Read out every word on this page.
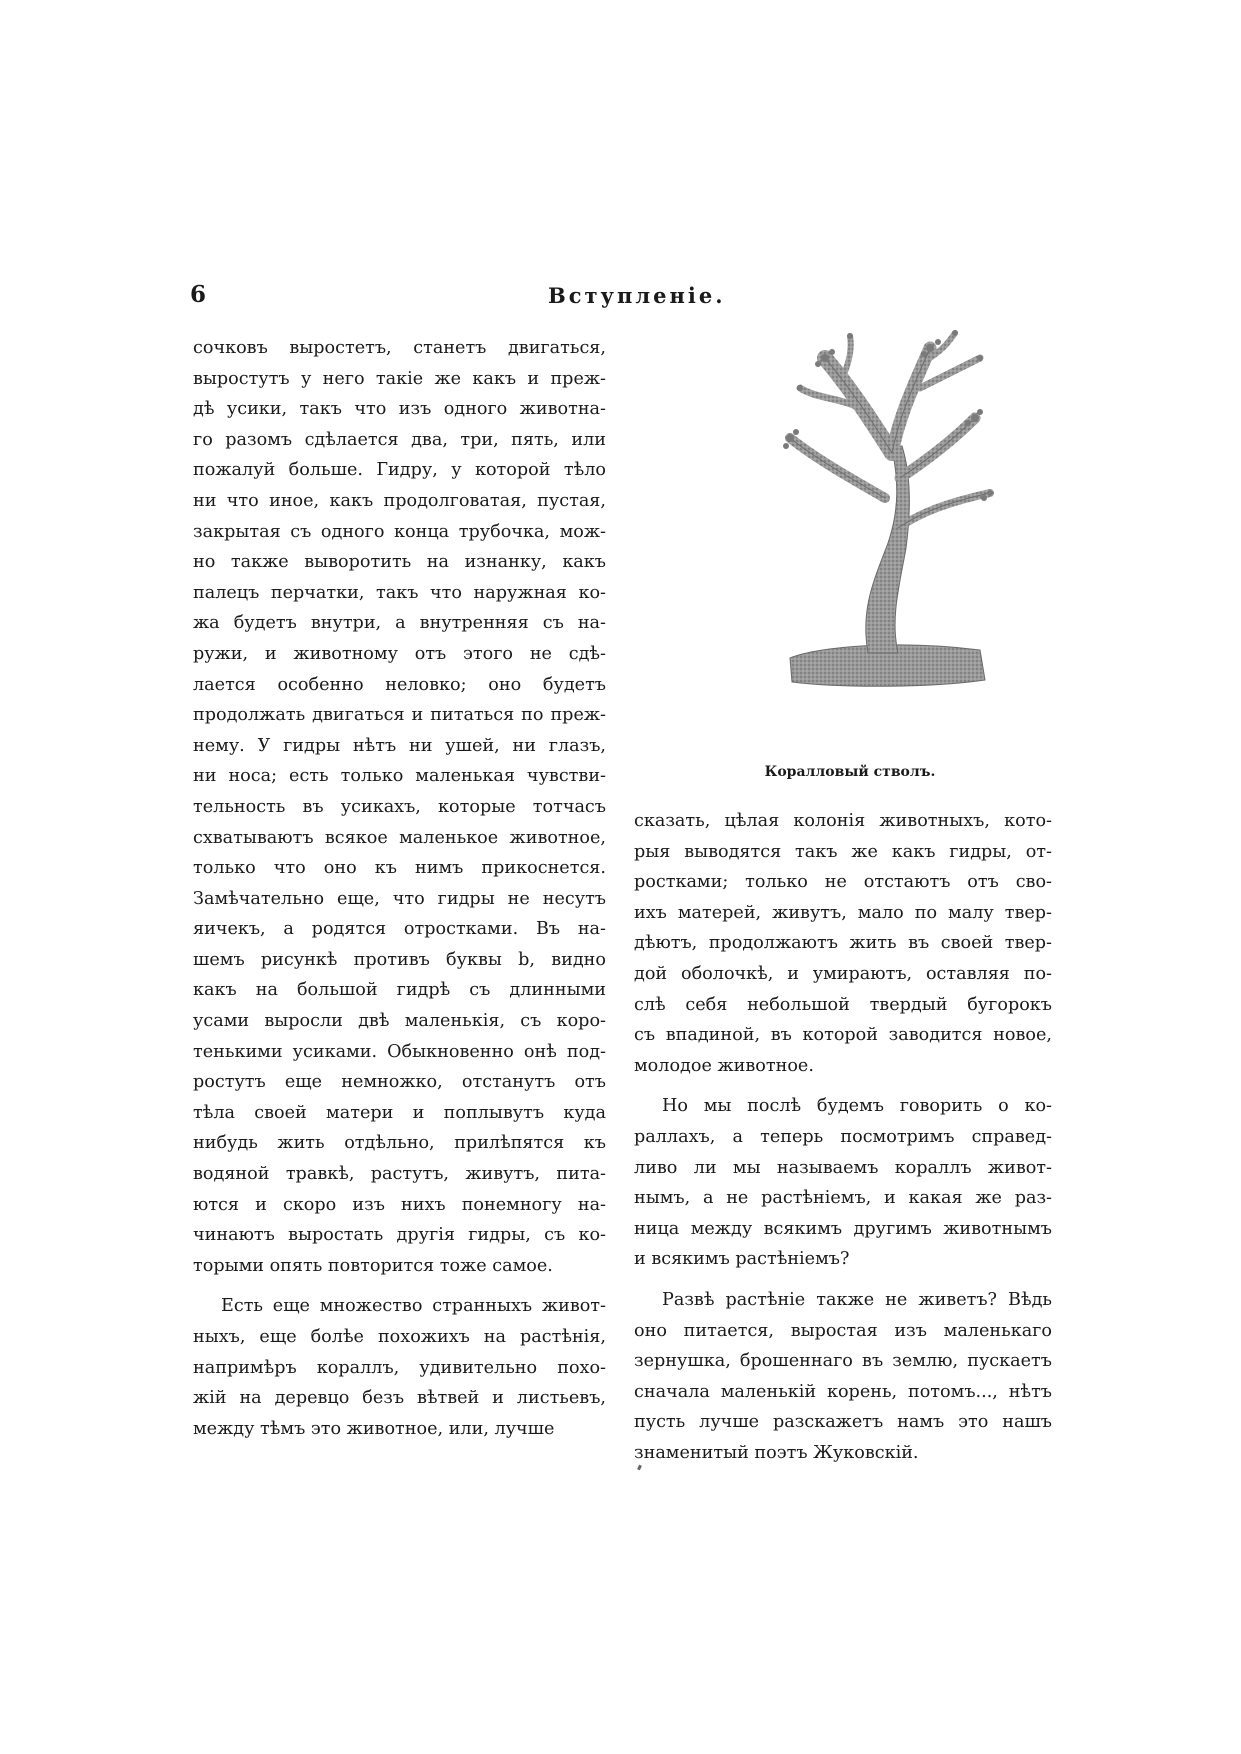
6	Вступленіе.
Коралловый стволъ.
сочковъ выростетъ, станетъ двигаться,
выростутъ у него такіе же какъ и преж-
дѣ усики, такъ что изъ одного животна-
го разомъ сдѣлается два, три, пять, или
пожалуй больше. Гидру, у которой тѣло
ни что иное, какъ продолговатая, пустая,
закрытая съ одного конца трубочка, мож-
но также выворотить на изнанку, какъ
палецъ перчатки, такъ что наружная ко-
жа будетъ внутри, а внутренняя съ на-
ружи, и животному отъ этого не сдѣ-
лается особенно неловко; оно будетъ
продолжать двигаться и питаться по преж-
нему. У гидры нѣтъ ни ушей, ни глазъ,
ни носа; есть только маленькая чувстви-
тельность въ усикахъ, которые тотчасъ
схватываютъ всякое маленькое животное,
только что оно къ нимъ прикоснется.
Замѣчательно еще, что гидры не несутъ
яичекъ, а родятся отростками. Въ на-
шемъ рисункѣ противъ буквы b, видно
какъ на большой гидрѣ съ длинными
усами выросли двѣ маленькія, съ коро-
тенькими усиками. Обыкновенно онѣ под-
ростутъ еще немножко, отстанутъ отъ
тѣла своей матери и поплывутъ куда
нибудь жить отдѣльно, прилѣпятся къ
водяной травкѣ, растутъ, живутъ, пита-
ются и скоро изъ нихъ понемногу на-
чинаютъ выростать другія гидры, съ ко-
торыми опять повторится тоже самое.
Есть еще множество странныхъ живот-
ныхъ, еще болѣе похожихъ на растѣнія,
напримѣръ кораллъ, удивительно похо-
жій на деревцо безъ вѣтвей и листьевъ,
между тѣмъ это животное, или, лучше
сказать, цѣлая колонія животныхъ, кото-
рыя выводятся такъ же какъ гидры, от-
ростками; только не отстаютъ отъ сво-
ихъ матерей, живутъ, мало по малу твер-
дѣютъ, продолжаютъ жить въ своей твер-
дой оболочкѣ, и умираютъ, оставляя по-
слѣ себя небольшой твердый бугорокъ
съ впадиной, въ которой заводится новое,
молодое животное.
Но мы послѣ будемъ говорить о ко-
раллахъ, а теперь посмотримъ справед-
ливо ли мы называемъ кораллъ живот-
нымъ, а не растѣніемъ, и какая же раз-
ница между всякимъ другимъ животнымъ
и всякимъ растѣніемъ?
Развѣ растѣніе также не живетъ? Вѣдь
оно питается, выростая изъ маленькаго
зернушка, брошеннаго въ землю, пускаетъ
сначала маленькій корень, потомъ..., нѣтъ
пусть лучше разскажетъ намъ это нашъ
знаменитый поэтъ Жуковскій.
